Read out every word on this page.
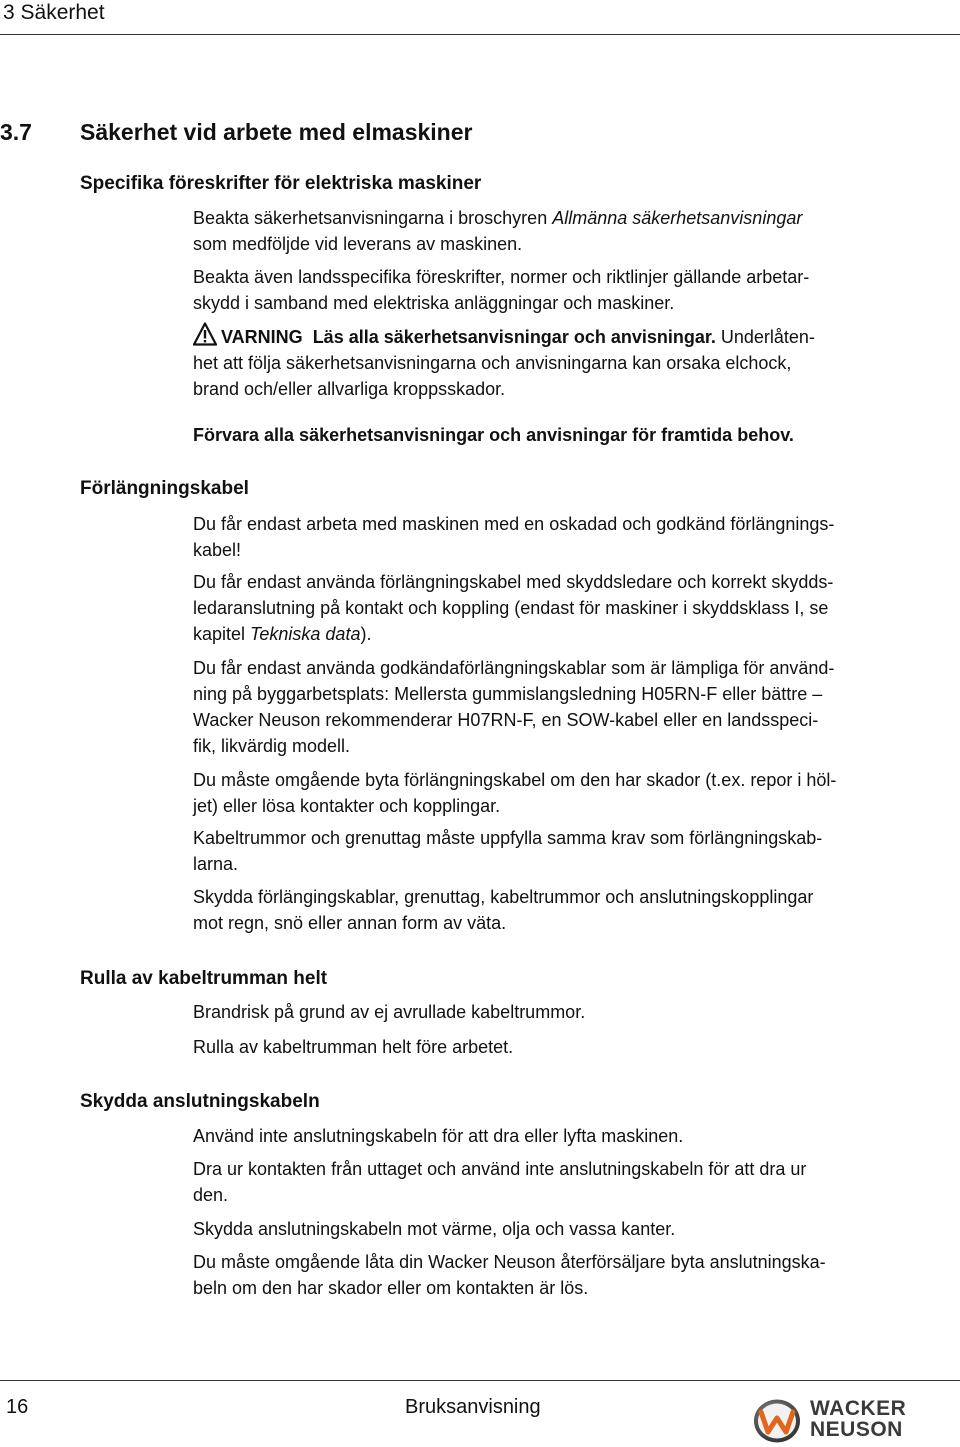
3 Säkerhet
3.7 Säkerhet vid arbete med elmaskiner
Specifika föreskrifter för elektriska maskiner

Beakta säkerhetsanvisningarna i broschyren Allmänna säkerhetsanvisningar
som medföljde vid leverans av maskinen.

Beakta även landsspecifika föreskrifter, normer och riktlinjer gällande arbetar-
skydd i samband med elektriska anläggningar och maskiner.

VARNING Läs alla säkerhetsanvisningar och anvisningar. Underlåten-
het att följa säkerhetsanvisningarna och anvisningarna kan orsaka elchock,
brand och/eller allvarliga kroppsskador.

Förvara alla säkerhetsanvisningar och anvisningar för framtida behov.

Förlängningskabel

Du får endast arbeta med maskinen med en oskadad och godkänd förlängnings-
kabel!

Du får endast använda förlängningskabel med skyddsledare och korrekt skydds-
ledaranslutning på kontakt och koppling (endast för maskiner i skyddsklass I, se
kapitel Tekniska data).

Du får endast använda godkändaförlängningskablar som är lämpliga för använd-
ning på byggarbetsplats: Mellersta gummislangsledning H05RN-F eller bättre –
Wacker Neuson rekommenderar H07RN-F, en SOW-kabel eller en landsspeci-
fik, likvärdig modell.

Du måste omgående byta förlängningskabel om den har skador (t.ex. repor i höl-
jet) eller lösa kontakter och kopplingar.

Kabeltrummor och grenuttag måste uppfylla samma krav som förlängningskab-
larna.

Skydda förlängingskablar, grenuttag, kabeltrummor och anslutningskopplingar
mot regn, snö eller annan form av väta.

Rulla av kabeltrumman helt

Brandrisk på grund av ej avrullade kabeltrummor.

Rulla av kabeltrumman helt före arbetet.

Skydda anslutningskabeln

Använd inte anslutningskabeln för att dra eller lyfta maskinen.

Dra ur kontakten från uttaget och använd inte anslutningskabeln för att dra ur
den.

Skydda anslutningskabeln mot värme, olja och vassa kanter.

Du måste omgående låta din Wacker Neuson återförsäljare byta anslutningska-
beln om den har skador eller om kontakten är lös.

16	Bruksanvisning	WACKER
NEUSON
